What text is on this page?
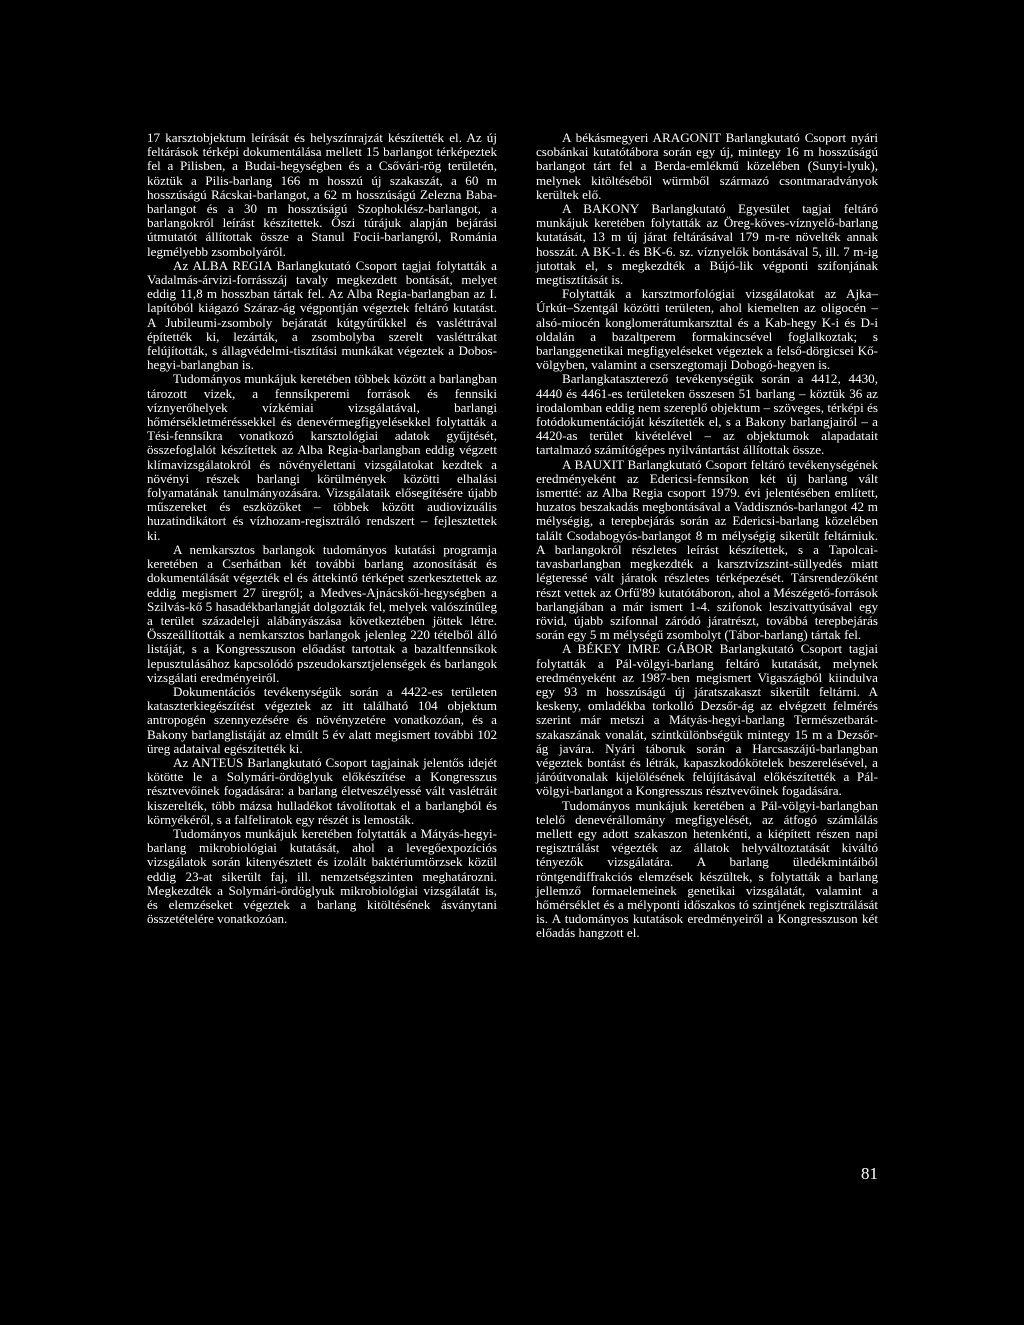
17 karsztobjektum leírását és helyszínrajzát készítették el. Az új feltárások térképi dokumentálása mellett 15 barlangot térképeztek fel a Pilisben, a Budai-hegységben és a Csővári-rög területén, köztük a Pilis-barlang 166 m hosszú új szakaszát, a 60 m hosszúságú Rácskai-barlangot, a 62 m hosszúságú Zelezna Baba-barlangot és a 30 m hosszúságú Szophoklész-barlangot, a barlangokról leírást készítettek. Őszi túrájuk alapján bejárási útmutatót állítottak össze a Stanul Focii-barlangról, Románia legmélyebb zsombolyáról.

Az ALBA REGIA Barlangkutató Csoport tagjai folytatták a Vadalmás-árvizi-forrásszáj tavaly megkezdett bontását, melyet eddig 11,8 m hosszban tártak fel. Az Alba Regia-barlangban az I. lapítóból kiágazó Száraz-ág végpontján végeztek feltáró kutatást. A Jubileumi-zsomboly bejáratát kútgyűrűkkel és vasléttrával építették ki, lezárták, a zsombolyba szerelt vasléttrákat felújították, s állagvédelmi-tisztítási munkákat végeztek a Dobos-hegyi-barlangban is.

Tudományos munkájuk keretében többek között a barlangban tározott vizek, a fennsíkperemi források és fennsiki víznyerőhelyek vízkémiai vizsgálatával, barlangi hőmérsékletméréssekkel és denevérmegfigyelésekkel folytatták a Tési-fennsíkra vonatkozó karsztológiai adatok gyűjtését, összefoglalót készítettek az Alba Regia-barlangban eddig végzett klímavizsgálatokról és növényélettani vizsgálatokat kezdtek a növényi részek barlangi körülmények közötti elhalási folyamatának tanulmányozására. Vizsgálataik elősegítésére újabb műszereket és eszközöket – többek között audiovizuális huzatindikátort és vízhozam-regisztráló rendszert – fejlesztettek ki.

A nemkarsztos barlangok tudományos kutatási programja keretében a Cserhátban két további barlang azonosítását és dokumentálását végezték el és áttekintő térképet szerkesztettek az eddig megismert 27 üregről; a Medves-Ajnácskői-hegységben a Szilvás-kő 5 hasadékbarlangját dolgozták fel, melyek valószínűleg a terület századeleji alábányászása következtében jöttek létre. Összeállították a nemkarsztos barlangok jelenleg 220 tételből álló listáját, s a Kongresszuson előadást tartottak a bazaltfennsíkok lepusztulásához kapcsolódó pszeudokarsztjelenségek és barlangok vizsgálati eredményeiről.

Dokumentációs tevékenységük során a 4422-es területen kataszterkiegészítést végeztek az itt található 104 objektum antropogén szennyezésére és növényzetére vonatkozóan, és a Bakony barlanglistáját az elmúlt 5 év alatt megismert további 102 üreg adataival egészítették ki.

Az ANTEUS Barlangkutató Csoport tagjainak jelentős idejét kötötte le a Solymári-ördöglyuk előkészítése a Kongresszus résztvevőinek fogadására: a barlang életveszélyessé vált vaslétráit kiszerelték, több mázsa hulladékot távolítottak el a barlangból és környékéről, s a falfeliratok egy részét is lemosták.

Tudományos munkájuk keretében folytatták a Mátyás-hegyi-barlang mikrobiológiai kutatását, ahol a levegőexpozíciós vizsgálatok során kitenyésztett és izolált baktériumtörzsek közül eddig 23-at sikerült faj, ill. nemzetségszinten meghatározni. Megkezdték a Solymári-ördöglyuk mikrobiológiai vizsgálatát is, és elemzéseket végeztek a barlang kitöltésének ásványtani összetételére vonatkozóan.

A békásmegyeri ARAGONIT Barlangkutató Csoport nyári csobánkai kutatótábora során egy új, mintegy 16 m hosszúságú barlangot tárt fel a Berda-emlékmű közelében (Sunyi-lyuk), melynek kitöltéséből würmből származó csontmaradványok kerültek elő.

A BAKONY Barlangkutató Egyesület tagjai feltáró munkájuk keretében folytatták az Öreg-köves-víznyelő-barlang kutatását, 13 m új járat feltárásával 179 m-re növelték annak hosszát. A BK-1. és BK-6. sz. víznyelők bontásával 5, ill. 7 m-ig jutottak el, s megkezdték a Bújó-lik végponti szifonjának megtisztítását is.

Folytatták a karsztmorfológiai vizsgálatokat az Ajka–Úrkút–Szentgál közötti területen, ahol kiemelten az oligocén – alsó-miocén konglomerátumkarszttal és a Kab-hegy K-i és D-i oldalán a bazaltperem formakincsével foglalkoztak; s barlanggenetikai megfigyeléseket végeztek a felső-dörgicsei Kő-völgyben, valamint a cserszegtomaji Dobogó-hegyen is.

Barlangkataszterező tevékenységük során a 4412, 4430, 4440 és 4461-es területeken összesen 51 barlang – köztük 36 az irodalomban eddig nem szereplő objektum – szöveges, térképi és fotódokumentációját készítették el, s a Bakony barlangjairól – a 4420-as terület kivételével – az objektumok alapadatait tartalmazó számítógépes nyilvántartást állítottak össze.

A BAUXIT Barlangkutató Csoport feltáró tevékenységének eredményeként az Edericsi-fennsíkon két új barlang vált ismertté: az Alba Regia csoport 1979. évi jelentésében említett, huzatos beszakadás megbontásával a Vaddisznós-barlangot 42 m mélységig, a terepbejárás során az Edericsi-barlang közelében talált Csodabogyós-barlangot 8 m mélységig sikerült feltárniuk. A barlangokról részletes leírást készítettek, s a Tapolcai-tavasbarlangban megkezdték a karsztvízszint-süllyedés miatt légteressé vált járatok részletes térképezését. Társrendezőként részt vettek az Orfű'89 kutatótáboron, ahol a Mészégető-források barlangjában a már ismert 1-4. szifonok leszivattyúsával egy rövid, újabb szifonnal záródó járatrészt, továbbá terepbejárás során egy 5 m mélységű zsombolyt (Tábor-barlang) tártak fel.

A BÉKEY IMRE GÁBOR Barlangkutató Csoport tagjai folytatták a Pál-völgyi-barlang feltáró kutatását, melynek eredményeként az 1987-ben megismert Vigaszágból kiindulva egy 93 m hosszúságú új járatszakaszt sikerült feltárni. A keskeny, omladékba torkolló Dezsőr-ág az elvégzett felmérés szerint már metszi a Mátyás-hegyi-barlang Természetbarát-szakaszának vonalát, szintkülönbségük mintegy 15 m a Dezsőr-ág javára. Nyári táboruk során a Harcsaszájú-barlangban végeztek bontást és létrák, kapaszkodókötelek beszerelésével, a járóútvonalak kijelölésének felújításával előkészítették a Pál-völgyi-barlangot a Kongresszus résztvevőinek fogadására.

Tudományos munkájuk keretében a Pál-völgyi-barlangban telelő denevérállomány megfigyelését, az átfogó számlálás mellett egy adott szakaszon hetenkénti, a kiépített részen napi regisztrálást végezték az állatok helyváltoztatását kiváltó tényezők vizsgálatára. A barlang üledékmintáiból röntgendiffrakciós elemzések készültek, s folytatták a barlang jellemző formaelemeinek genetikai vizsgálatát, valamint a hőmérséklet és a mélyponti időszakos tó szintjének regisztrálását is. A tudományos kutatások eredményeiről a Kongresszuson két előadás hangzott el.

81
